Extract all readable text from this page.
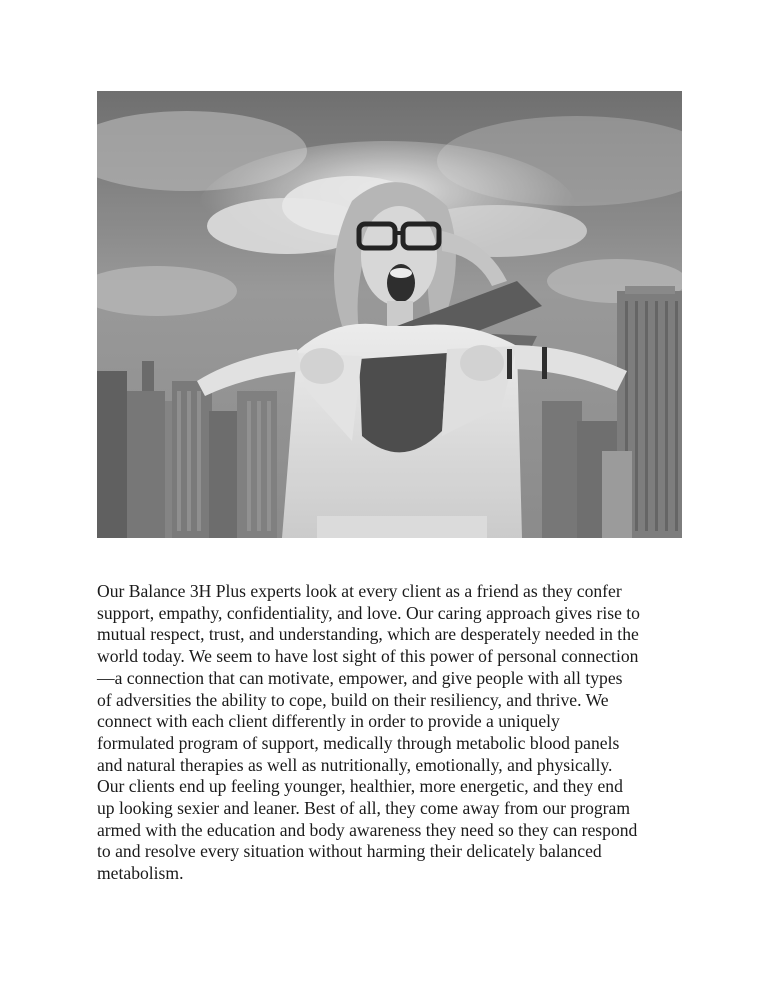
Our Balance 3H Plus experts look at every client as a friend as they confer
support, empathy, confidentiality, and love. Our caring approach gives rise to
mutual respect, trust, and understanding, which are desperately needed in the
world today. We seem to have lost sight of this power of personal connection
—a connection that can motivate, empower, and give people with all types
of adversities the ability to cope, build on their resiliency, and thrive. We
connect with each client differently in order to provide a uniquely
formulated program of support, medically through metabolic blood panels
and natural therapies as well as nutritionally, emotionally, and physically.
Our clients end up feeling younger, healthier, more energetic, and they end
up looking sexier and leaner. Best of all, they come away from our program
armed with the education and body awareness they need so they can respond
to and resolve every situation without harming their delicately balanced
metabolism.
